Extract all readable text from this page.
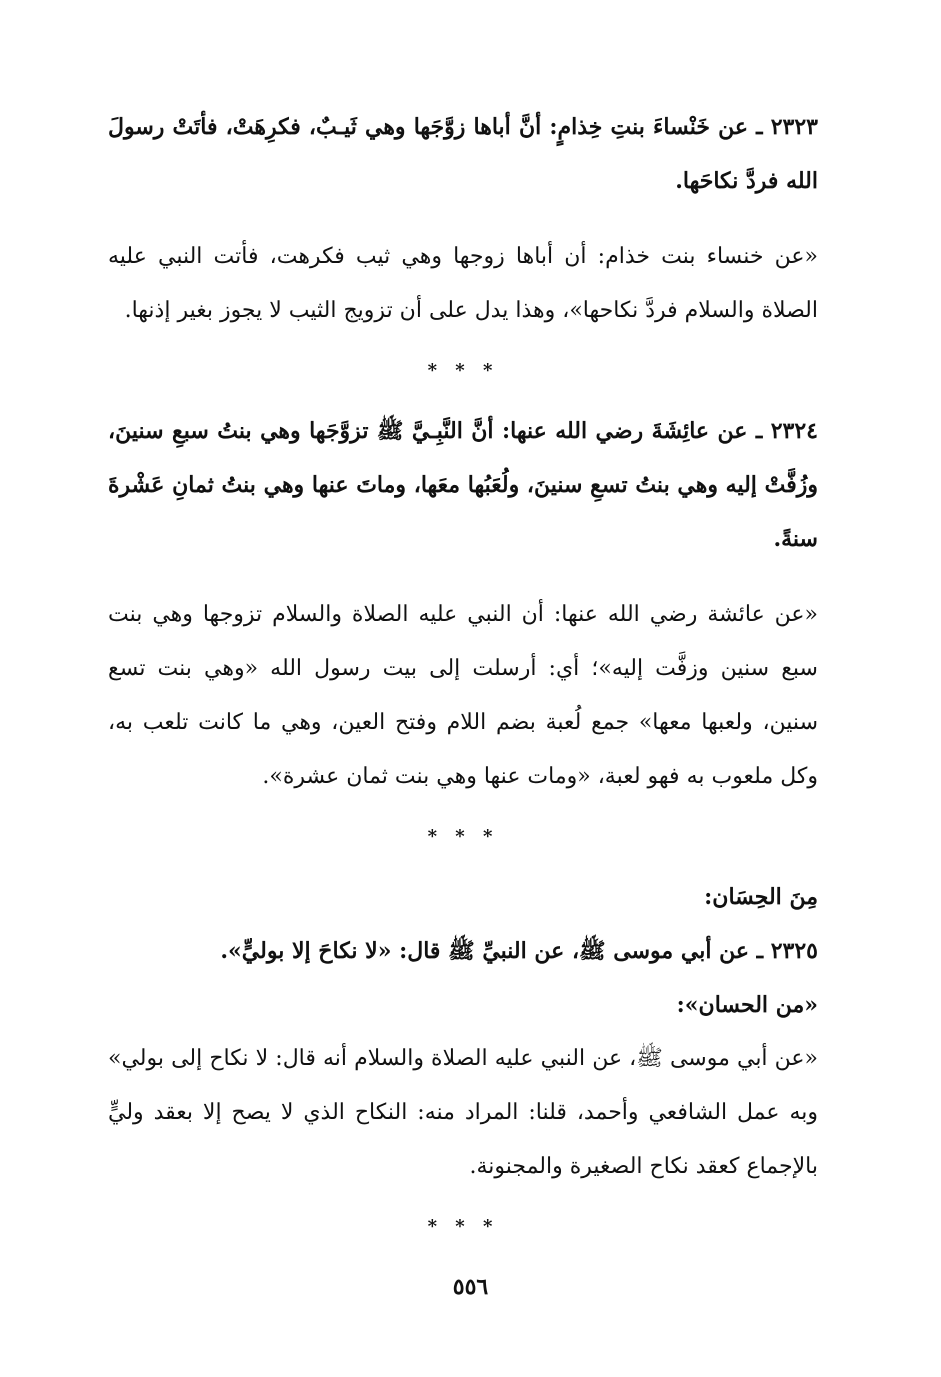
٢٣٢٣ ـ عن خَنْساءَ بنتِ خِذامٍ: أنَّ أباها زوَّجَها وهي ثَيـبٌ، فكرِهَتْ، فأتَتْ رسولَ الله فردَّ نكاحَها.

«عن خنساء بنت خذام: أن أباها زوجها وهي ثيب فكرهت، فأتت النبي عليه الصلاة والسلام فردَّ نكاحها»، وهذا يدل على أن تزويج الثيب لا يجوز بغير إذنها.

* * *

٢٣٢٤ ـ عن عائِشَةَ رضي الله عنها: أنَّ النَّبِـيَّ ﷺ تزوَّجَها وهي بنتُ سبعِ سنينَ، وزُفَّتْ إليه وهي بنتُ تسعِ سنينَ، ولُعَبُها معَها، وماتَ عنها وهي بنتُ ثمانِ عَشْرةَ سنةً.

«عن عائشة رضي الله عنها: أن النبي عليه الصلاة والسلام تزوجها وهي بنت سبع سنين وزفَّت إليه»؛ أي: أرسلت إلى بيت رسول الله «وهي بنت تسع سنين، ولعبها معها» جمع لُعبة بضم اللام وفتح العين، وهي ما كانت تلعب به، وكل ملعوب به فهو لعبة، «ومات عنها وهي بنت ثمان عشرة».

* * *

مِنَ الحِسَان:

٢٣٢٥ ـ عن أبي موسى ﷺ، عن النبيِّ ﷺ قال: «لا نكاحَ إلا بوليٍّ».

«من الحسان»:

«عن أبي موسى ﷺ، عن النبي عليه الصلاة والسلام أنه قال: لا نكاح إلى بولي» وبه عمل الشافعي وأحمد، قلنا: المراد منه: النكاح الذي لا يصح إلا بعقد وليٍّ بالإجماع كعقد نكاح الصغيرة والمجنونة.

* * *
٥٥٦
